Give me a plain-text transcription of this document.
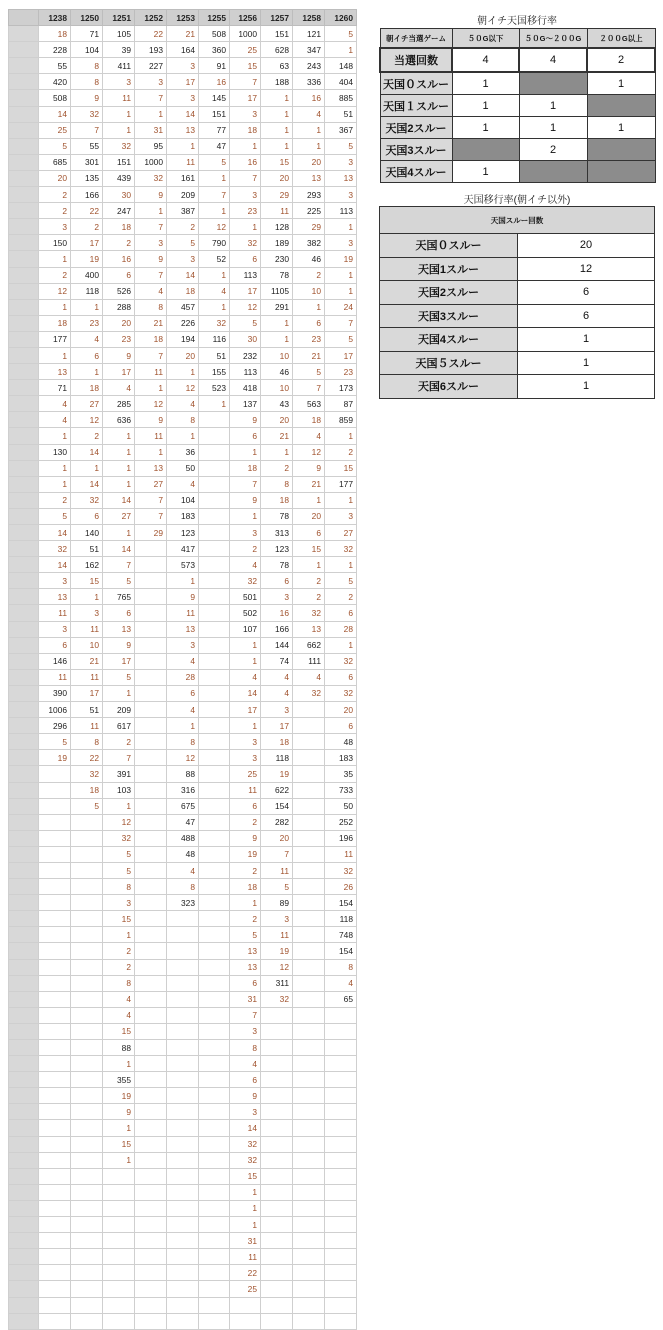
	1238	1250	1251	1252	1253	1255	1256	1257	1258	1260
	18	71	105	22	21	508	1000	151	121	5
	228	104	39	193	164	360	25	628	347	1
	55	8	411	227	3	91	15	63	243	148
	420	8	3	3	17	16	7	188	336	404
	508	9	11	7	3	145	17	1	16	885
	14	32	1	1	14	151	3	1	4	51
	25	7	1	31	13	77	18	1	1	367
	5	55	32	95	1	47	1	1	1	5
	685	301	151	1000	11	5	16	15	20	3
	20	135	439	32	161	1	7	20	13	13
	2	166	30	9	209	7	3	29	293	3
	2	22	247	1	387	1	23	11	225	113
	3	2	18	7	2	12	1	128	29	1
	150	17	2	3	5	790	32	189	382	3
	1	19	16	9	3	52	6	230	46	19
	2	400	6	7	14	1	113	78	2	1
	12	118	526	4	18	4	17	1105	10	1
	1	1	288	8	457	1	12	291	1	24
	18	23	20	21	226	32	5	1	6	7
	177	4	23	18	194	116	30	1	23	5
	1	6	9	7	20	51	232	10	21	17
	13	1	17	11	1	155	113	46	5	23
	71	18	4	1	12	523	418	10	7	173
	4	27	285	12	4	1	137	43	563	87
	4	12	636	9	8		9	20	18	859
	1	2	1	11	1		6	21	4	1
	130	14	1	1	36		1	1	12	2
	1	1	1	13	50		18	2	9	15
	1	14	1	27	4		7	8	21	177
	2	32	14	7	104		9	18	1	1
	5	6	27	7	183		1	78	20	3
	14	140	1	29	123		3	313	6	27
	32	51	14		417		2	123	15	32
	14	162	7		573		4	78	1	1
	3	15	5		1		32	6	2	5
	13	1	765		9		501	3	2	2
	11	3	6		11		502	16	32	6
	3	11	13		13		107	166	13	28
	6	10	9		3		1	144	662	1
	146	21	17		4		1	74	111	32
	11	11	5		28		4	4	4	6
	390	17	1		6		14	4	32	32
	1006	51	209		4		17	3		20
	296	11	617		1		1	17		6
	5	8	2		8		3	18		48
	19	22	7		12		3	118		183
		32	391		88		25	19		35
		18	103		316		11	622		733
		5	1		675		6	154		50
			12		47		2	282		252
			32		488		9	20		196
			5		48		19	7		11
			5		4		2	11		32
			8		8		18	5		26
			3		323		1	89		154
			15				2	3		118
			1				5	11		748
			2				13	19		154
			2				13	12		8
			8				6	311		4
			4				31	32		65
			4				7			
			15				3			
			88				8			
			1				4			
			355				6			
			19				9			
			9				3			
			1				14			
			15				32			
			1				32			
							15			
							1			
							1			
							1			
							31			
							11			
							22			
							25			

朝イチ天国移行率
朝イチ当選ゲーム	５０G以下	５０G～２００G	２００G以上
当選回数	4	4	2
天国０スルー	1		1
天国１スルー	1	1	
天国2スルー	1	1	1
天国3スルー		2	
天国4スルー	1		
天国移行率(朝イチ以外)
天国スルー回数	
天国０スルー	20
天国1スルー	12
天国2スルー	6
天国3スルー	6
天国4スルー	1
天国５スルー	1
天国6スルー	1
